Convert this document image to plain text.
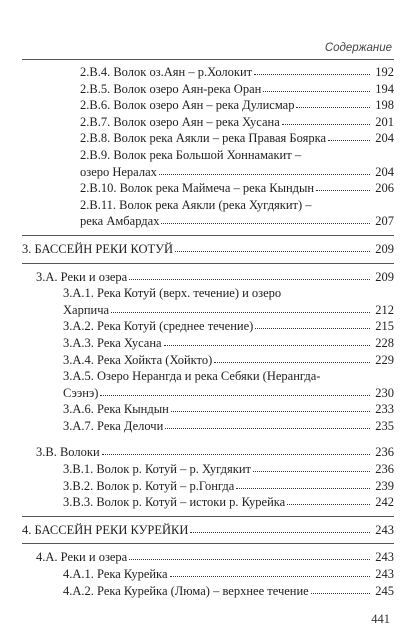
Содержание
2.В.4. Волок оз.Аян – р.Холокит	192
2.В.5. Волок озеро Аян-река Оран	194
2.В.6. Волок озеро Аян – река Дулисмар	198
2.В.7. Волок озеро Аян – река Хусана	201
2.В.8. Волок река Аякли – река Правая Боярка	204
2.В.9. Волок река Большой Хоннамакит –
озеро Нералах	204
2.В.10. Волок река Маймеча – река Кындын	206
2.В.11. Волок река Аякли (река Хугдякит) –
река Амбардах	207
3. БАССЕЙН РЕКИ КОТУЙ	209
3.А. Реки и озера	209
3.А.1. Река Котуй (верх. течение) и озеро
Харпича	212
3.А.2. Река Котуй (среднее течение)	215
3.А.3. Река Хусана	228
3.А.4. Река Хойкта (Хойкто)	229
3.А.5. Озеро Нерангда и река Себяки (Нерангда-
Сээнэ)	230
3.А.6. Река Кындын	233
3.А.7. Река Делочи	235
3.В. Волоки	236
3.В.1. Волок р. Котуй – р. Хугдякит	236
3.В.2. Волок р. Котуй – р.Гонгда	239
3.В.3. Волок р. Котуй – истоки р. Курейка	242
4. БАССЕЙН РЕКИ КУРЕЙКИ	243
4.А. Реки и озера	243
4.А.1. Река Курейка	243
4.А.2. Река Курейка (Люма) – верхнее течение	245
441
